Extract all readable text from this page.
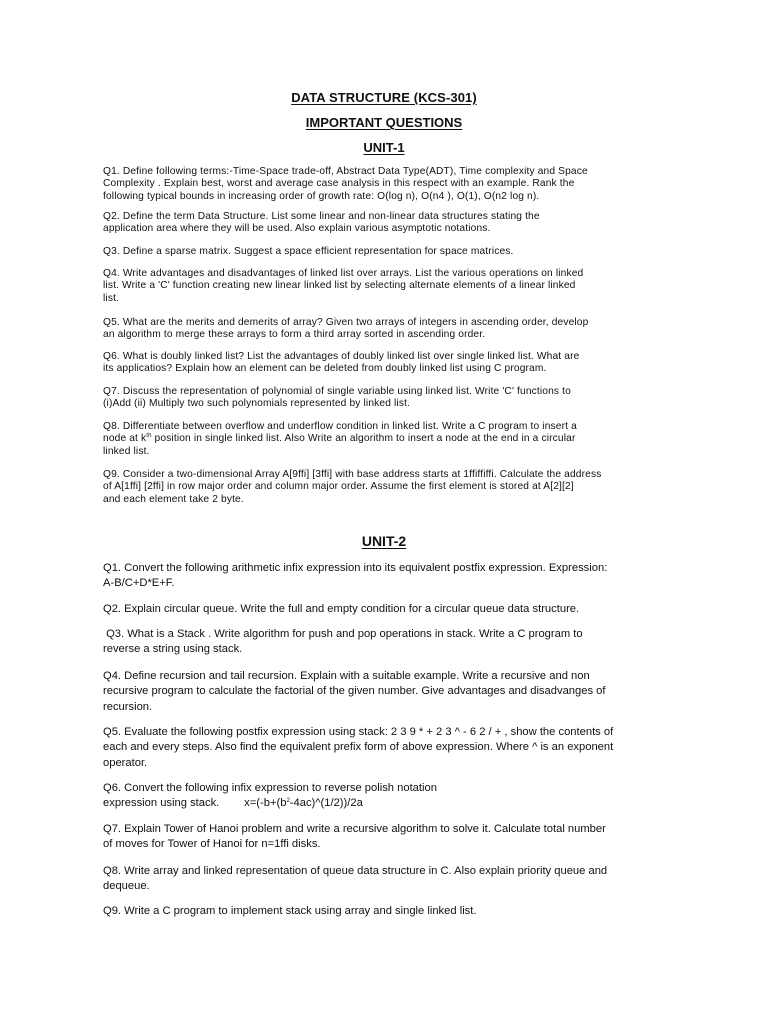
DATA STRUCTURE (KCS-301)
IMPORTANT QUESTIONS
UNIT-1
Q1. Define following terms:-Time-Space trade-off, Abstract Data Type(ADT), Time complexity and Space
Complexity . Explain best, worst and average case analysis in this respect with an example. Rank the
following typical bounds in increasing order of growth rate: O(log n), O(n4 ), O(1), O(n2 log n).
Q2. Define the term Data Structure. List some linear and non-linear data structures stating the
application area where they will be used. Also explain various asymptotic notations.
Q3. Define a sparse matrix. Suggest a space efficient representation for space matrices.
Q4. Write advantages and disadvantages of linked list over arrays. List the various operations on linked
list. Write a 'C' function creating new linear linked list by selecting alternate elements of a linear linked
list.
Q5. What are the merits and demerits of array? Given two arrays of integers in ascending order, develop
an algorithm to merge these arrays to form a third array sorted in ascending order.
Q6. What is doubly linked list? List the advantages of doubly linked list over single linked list. What are
its applicatios? Explain how an element can be deleted from doubly linked list using C program.
Q7. Discuss the representation of polynomial of single variable using linked list. Write 'C' functions to
(i)Add (ii) Multiply two such polynomials represented by linked list.
Q8. Differentiate between overflow and underflow condition in linked list. Write a C program to insert a
node at $k^{th}$ position in single linked list. Also Write an algorithm to insert a node at the end in a circular
linked list.
Q9. Consider a two-dimensional Array A[9ffi] [3ffi] with base address starts at 1ffiffiffi. Calculate the address
of A[1ffi] [2ffi] in row major order and column major order. Assume the first element is stored at A[2][2]
and each element take 2 byte.
UNIT-2
Q1. Convert the following arithmetic infix expression into its equivalent postfix expression. Expression:
A-B/C+D*E+F.
Q2. Explain circular queue. Write the full and empty condition for a circular queue data structure.
Q3. What is a Stack . Write algorithm for push and pop operations in stack. Write a C program to
reverse a string using stack.
Q4. Define recursion and tail recursion. Explain with a suitable example. Write a recursive and non
recursive program to calculate the factorial of the given number. Give advantages and disadvanges of
recursion.
Q5. Evaluate the following postfix expression using stack: 2 3 9 * + 2 3 ^ - 6 2 / + , show the contents of
each and every steps. Also find the equivalent prefix form of above expression. Where ^ is an exponent
operator.
Q6. Convert the following infix expression to reverse polish notation
expression using stack.        $x=(-b+(b^2-4ac)\^{}(1/2))/2a$
Q7. Explain Tower of Hanoi problem and write a recursive algorithm to solve it. Calculate total number
of moves for Tower of Hanoi for n=1ffi disks.
Q8. Write array and linked representation of queue data structure in C. Also explain priority queue and
dequeue.
Q9. Write a C program to implement stack using array and single linked list.
